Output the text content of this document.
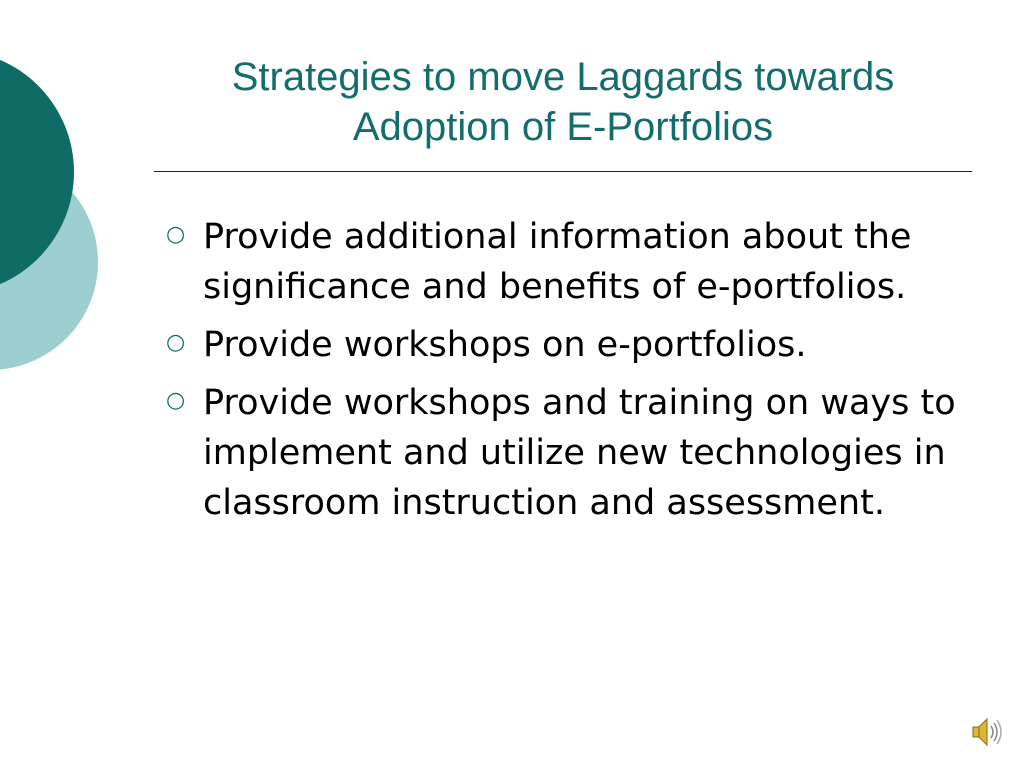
Strategies to move Laggards towards
Adoption of E-Portfolios
○ Provide additional information about the significance and benefits of e-portfolios.
○ Provide workshops on e-portfolios.
○ Provide workshops and training on ways to implement and utilize new technologies in classroom instruction and assessment.
